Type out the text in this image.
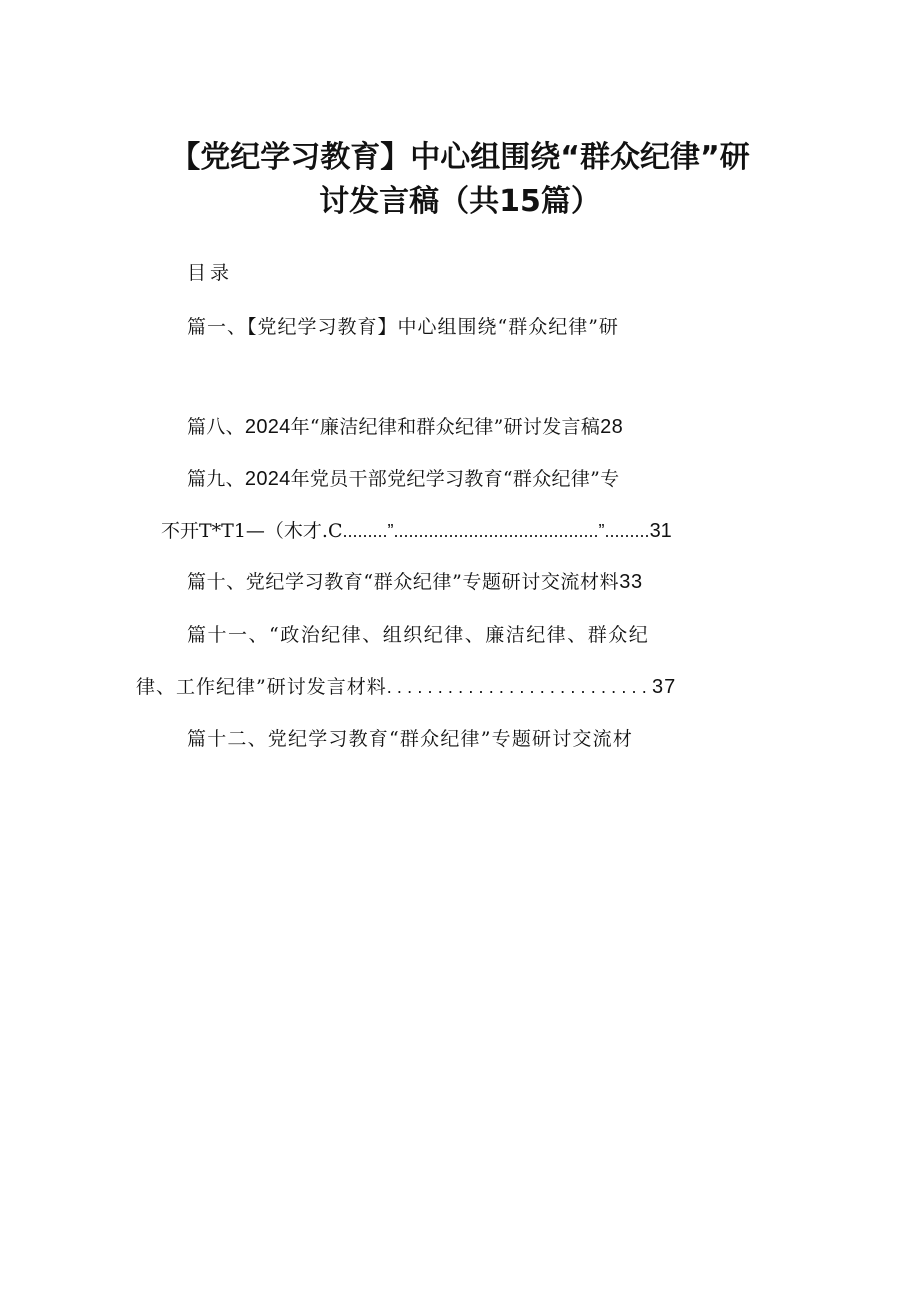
【党纪学习教育】中心组围绕“群众纪律”研
讨发言稿（共15篇）
目录
篇一、【党纪学习教育】中心组围绕“群众纪律”研
篇八、2024年“廉洁纪律和群众纪律”研讨发言稿28
篇九、2024年党员干部党纪学习教育“群众纪律”专
不开T*T1—（木才.C.........”.........................................”.........31
篇十、党纪学习教育“群众纪律”专题研讨交流材料33
篇十一、“政治纪律、组织纪律、廉洁纪律、群众纪
律、工作纪律”研讨发言材料..........................37
篇十二、党纪学习教育“群众纪律”专题研讨交流材
